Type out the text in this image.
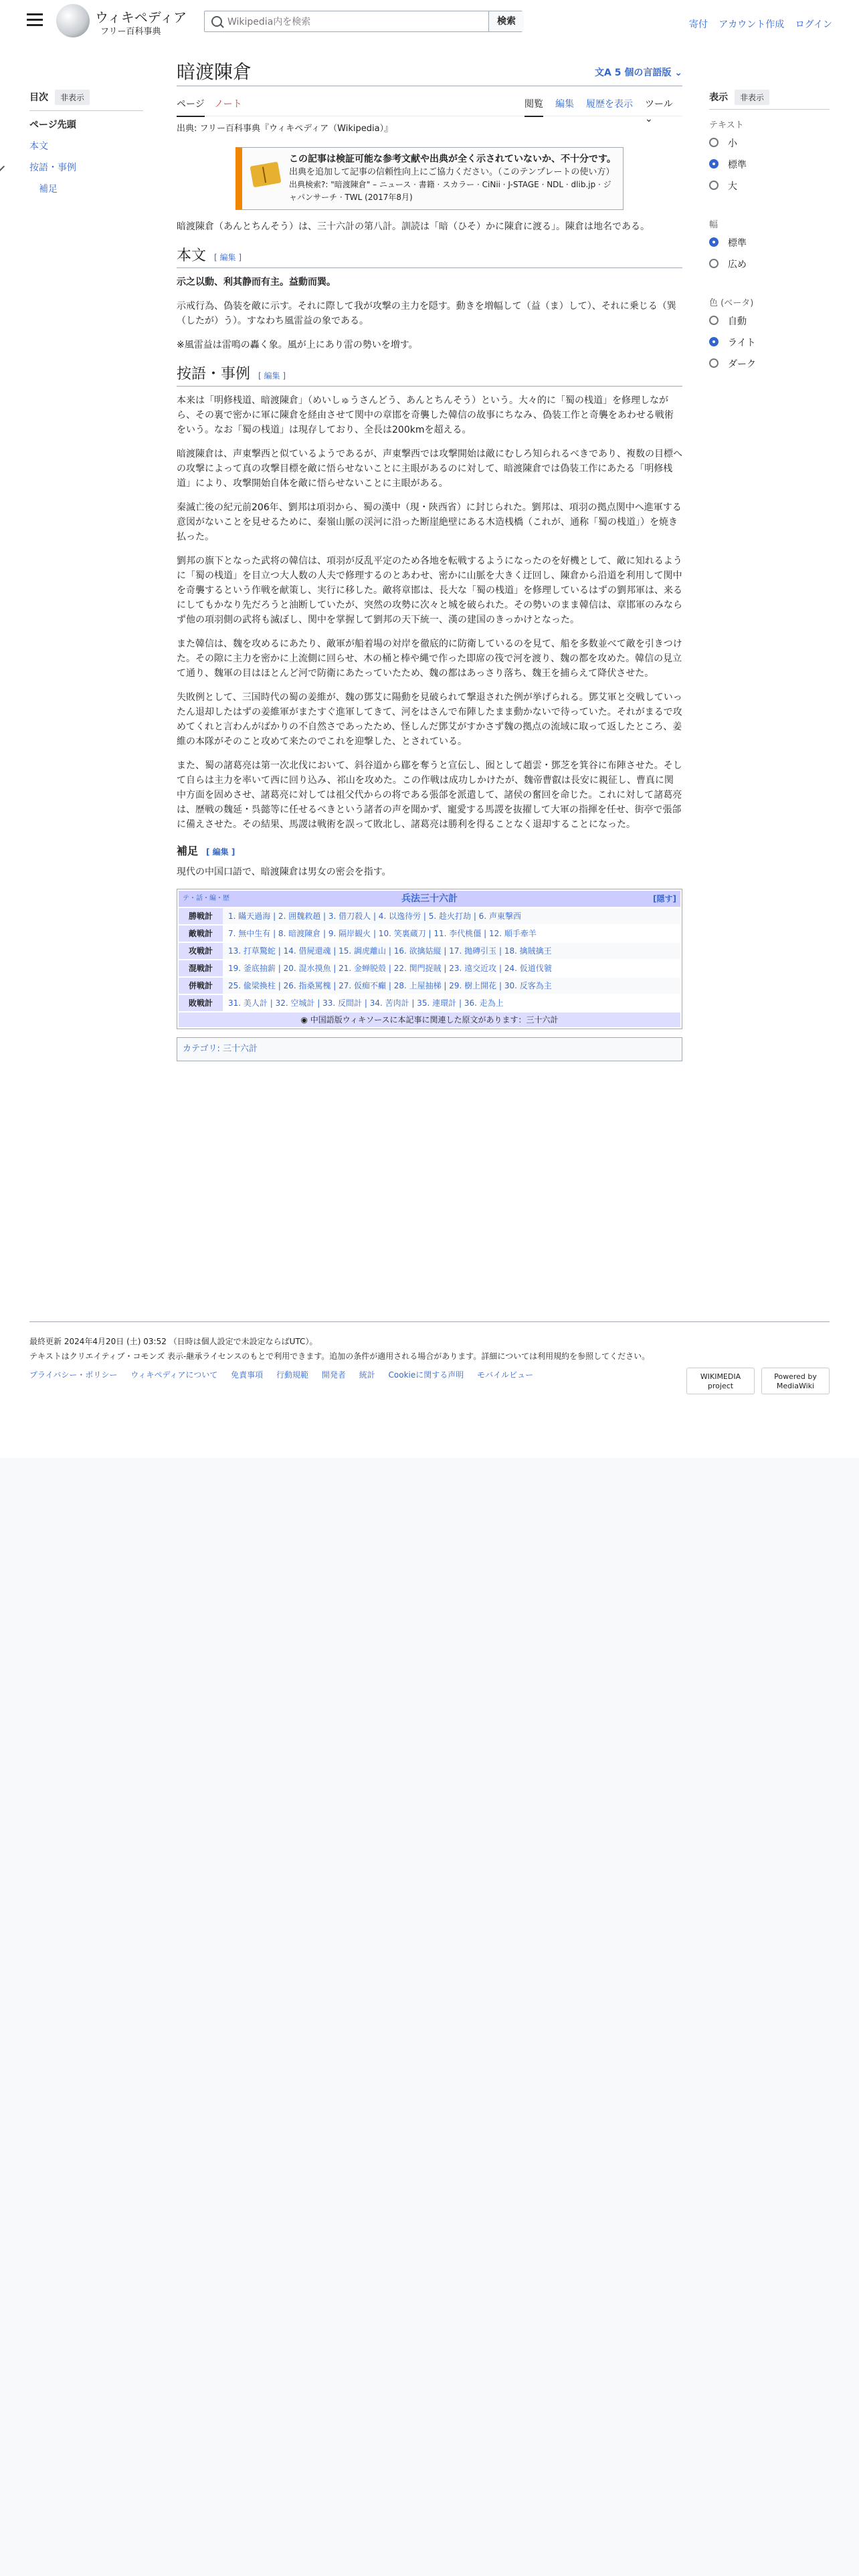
ウィキペディア
フリー百科事典
Wikipedia内を検索
検索	寄付 アカウント作成 ログイン
目次 非表示
ページ先頭
本文
按語・事例
補足
表示 非表示
テキスト
小
標準
大
幅
標準
広め
色 (ベータ)
自動
ライト
ダーク
暗渡陳倉	文A 5 個の言語版 ⌄
ページ ノート	閲覧 編集 履歴を表示 ツール ⌄
出典: フリー百科事典『ウィキペディア（Wikipedia）』
この記事は検証可能な参考文献や出典が全く示されていないか、不十分です。
出典を追加して記事の信頼性向上にご協力ください。（このテンプレートの使い方）
出典検索?: "暗渡陳倉" – ニュース · 書籍 · スカラー · CiNii · J-STAGE · NDL · dlib.jp · ジャパンサーチ · TWL (2017年8月)

暗渡陳倉（あんとちんそう）は、三十六計の第八計。訓読は「暗（ひそ）かに陳倉に渡る」。陳倉は地名である。

本文 [ 編集 ]

示之以動、利其静而有主。益動而巽。

示戒行為、偽装を敵に示す。それに際して我が攻撃の主力を隠す。動きを増幅して（益（ま）して）、それに乗じる（巽（したが）う）。すなわち風雷益の象である。

※風雷益は雷鳴の轟く象。風が上にあり雷の勢いを増す。

按語・事例 [ 編集 ]

本来は「明修桟道、暗渡陳倉」（めいしゅうさんどう、あんとちんそう）という。大々的に「蜀の桟道」を修理しながら、その裏で密かに軍に陳倉を経由させて関中の章邯を奇襲した韓信の故事にちなみ、偽装工作と奇襲をあわせる戦術をいう。なお「蜀の桟道」は現存しており、全長は200kmを超える。

暗渡陳倉は、声東撃西と似ているようであるが、声東撃西では攻撃開始は敵にむしろ知られるべきであり、複数の目標への攻撃によって真の攻撃目標を敵に悟らせないことに主眼があるのに対して、暗渡陳倉では偽装工作にあたる「明修桟道」により、攻撃開始自体を敵に悟らせないことに主眼がある。

秦滅亡後の紀元前206年、劉邦は項羽から、蜀の漢中（現・陝西省）に封じられた。劉邦は、項羽の拠点関中へ進軍する意図がないことを見せるために、秦嶺山脈の渓河に沿った断崖絶壁にある木造桟橋（これが、通称「蜀の桟道」）を焼き払った。

劉邦の旗下となった武将の韓信は、項羽が反乱平定のため各地を転戦するようになったのを好機として、敵に知れるように「蜀の桟道」を目立つ大人数の人夫で修理するのとあわせ、密かに山脈を大きく迂回し、陳倉から沿道を利用して関中を奇襲するという作戦を献策し、実行に移した。敵将章邯は、長大な「蜀の桟道」を修理しているはずの劉邦軍は、来るにしてもかなり先だろうと油断していたが、突然の攻勢に次々と城を破られた。その勢いのまま韓信は、章邯軍のみならず他の項羽側の武将も滅ぼし、関中を掌握して劉邦の天下統一、漢の建国のきっかけとなった。

また韓信は、魏を攻めるにあたり、敵軍が船着場の対岸を徹底的に防衛しているのを見て、船を多数並べて敵を引きつけた。その隙に主力を密かに上流側に回らせ、木の桶と棒や縄で作った即席の筏で河を渡り、魏の都を攻めた。韓信の見立て通り、魏軍の目はほとんど河で防衛にあたっていたため、魏の都はあっさり落ち、魏王を捕らえて降伏させた。

失敗例として、三国時代の蜀の姜維が、魏の鄧艾に陽動を見破られて撃退された例が挙げられる。鄧艾軍と交戦していったん退却したはずの姜維軍がまたすぐ進軍してきて、河をはさんで布陣したまま動かないで待っていた。それがまるで攻めてくれと言わんがばかりの不自然さであったため、怪しんだ鄧艾がすかさず魏の拠点の流域に取って返したところ、姜維の本隊がそのこと攻めて来たのでこれを迎撃した、とされている。

また、蜀の諸葛亮は第一次北伐において、斜谷道から郿を奪うと宣伝し、囮として趙雲・鄧芝を箕谷に布陣させた。そして自らは主力を率いて西に回り込み、祁山を攻めた。この作戦は成功しかけたが、魏帝曹叡は長安に親征し、曹真に関中方面を固めさせ、諸葛亮に対しては祖父代からの将である張郃を派遣して、諸侯の奮回を命じた。これに対して諸葛亮は、歴戦の魏延・呉懿等に任せるべきという諸者の声を聞かず、寵愛する馬謖を抜擢して大軍の指揮を任せ、街亭で張郃に備えさせた。その結果、馬謖は戦術を誤って敗北し、諸葛亮は勝利を得ることなく退却することになった。

補足 [ 編集 ]

現代の中国口語で、暗渡陳倉は男女の密会を指す。

テ・話・編・歴	兵法三十六計	[隠す]
勝戦計	1. 瞞天過海 | 2. 囲魏救趙 | 3. 借刀殺人 | 4. 以逸待労 | 5. 趁火打劫 | 6. 声東撃西
敵戦計	7. 無中生有 | 8. 暗渡陳倉 | 9. 隔岸観火 | 10. 笑裏蔵刀 | 11. 李代桃僵 | 12. 順手牽羊
攻戦計	13. 打草驚蛇 | 14. 借屍還魂 | 15. 調虎離山 | 16. 欲擒姑縦 | 17. 拋磚引玉 | 18. 擒賊擒王
混戦計	19. 釜底抽薪 | 20. 混水摸魚 | 21. 金蝉脱殻 | 22. 関門捉賊 | 23. 遠交近攻 | 24. 仮道伐虢
併戦計	25. 偸梁換柱 | 26. 指桑罵槐 | 27. 仮痴不癲 | 28. 上屋抽梯 | 29. 樹上開花 | 30. 反客為主
敗戦計	31. 美人計 | 32. 空城計 | 33. 反間計 | 34. 苦肉計 | 35. 連環計 | 36. 走為上
◉ 中国語版ウィキソースに本記事に関連した原文があります：三十六計
カテゴリ: 三十六計
最終更新 2024年4月20日 (土) 03:52 （日時は個人設定で未設定ならばUTC）。
テキストはクリエイティブ・コモンズ 表示-継承ライセンスのもとで利用できます。追加の条件が適用される場合があります。詳細については利用規約を参照してください。
プライバシー・ポリシー ウィキペディアについて 免責事項 行動規範 開発者 統計 Cookieに関する声明 モバイルビュー	WIKIMEDIA project
Powered by MediaWiki
